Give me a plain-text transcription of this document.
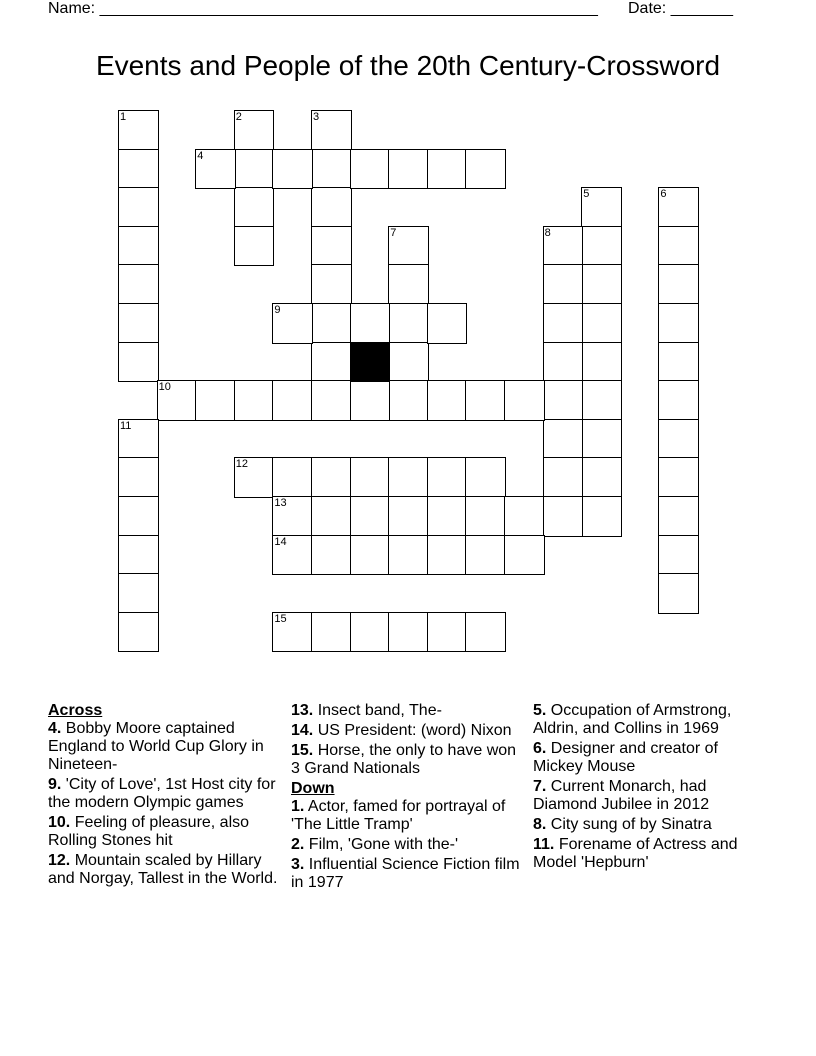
Name: ________________________________________________________ Date: _______
Events and People of the 20th Century-Crossword
1	2	3
4
5	6
7	8
9
10
11
12
13
14
15
Across
4. Bobby Moore captained England to World Cup Glory in Nineteen-
9. 'City of Love', 1st Host city for the modern Olympic games
10. Feeling of pleasure, also Rolling Stones hit
12. Mountain scaled by Hillary and Norgay, Tallest in the World.
13. Insect band, The-
14. US President: (word) Nixon
15. Horse, the only to have won 3 Grand Nationals
Down
1. Actor, famed for portrayal of 'The Little Tramp'
2. Film, 'Gone with the-'
3. Influential Science Fiction film in 1977
5. Occupation of Armstrong, Aldrin, and Collins in 1969
6. Designer and creator of Mickey Mouse
7. Current Monarch, had Diamond Jubilee in 2012
8. City sung of by Sinatra
11. Forename of Actress and Model 'Hepburn'
